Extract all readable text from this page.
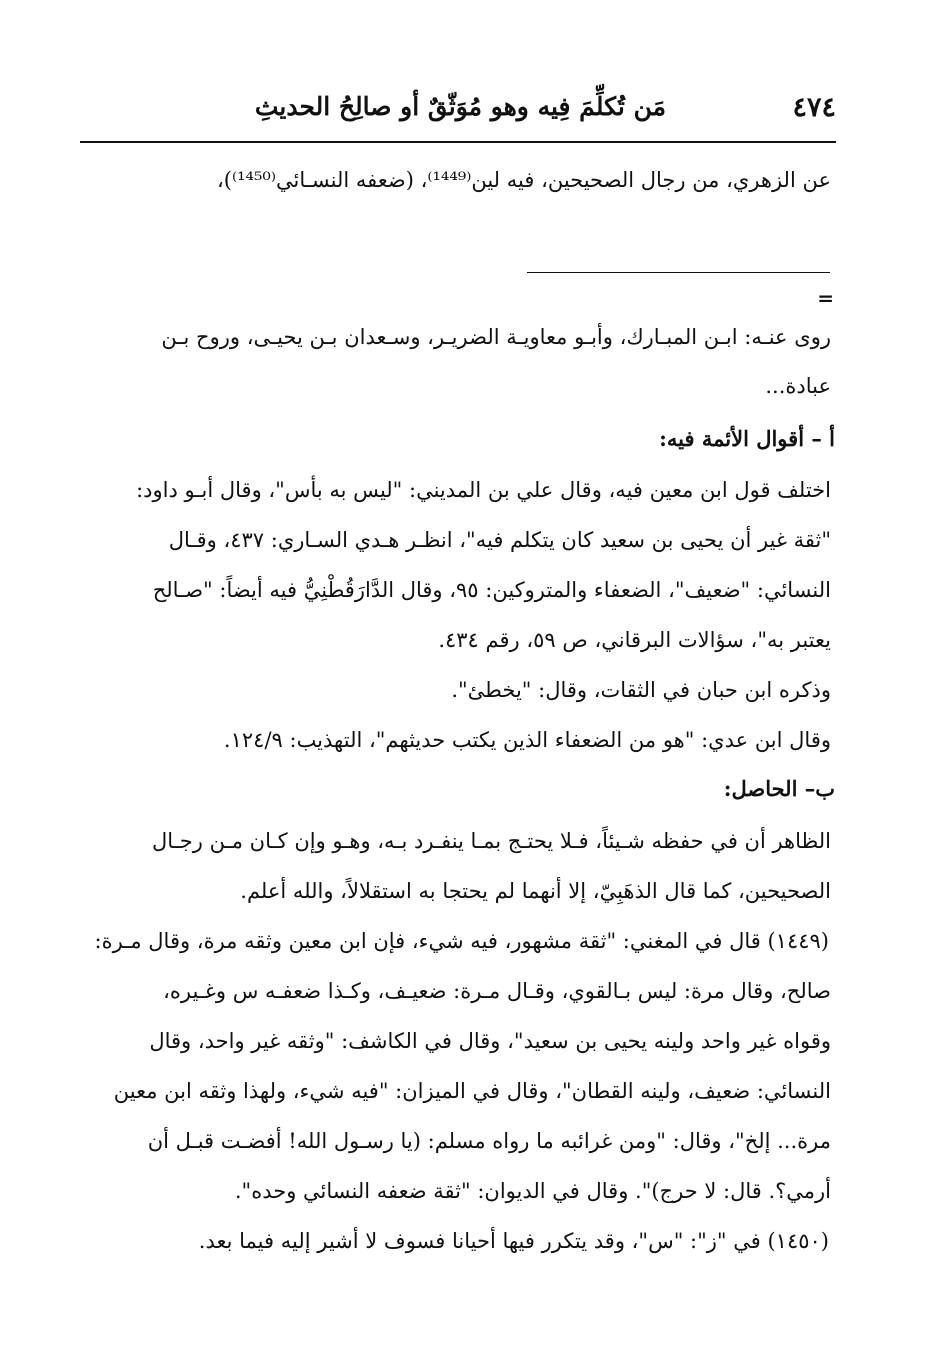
٤٧٤
مَن تُكلِّمَ فِيه وهو مُوَثّقٌ أو صالِحُ الحديثِ
عن الزهري، من رجال الصحيحين، فيه لين⁽¹⁴⁴⁹⁾، (ضعفه النسـائي⁽¹⁴⁵⁰⁾)،
=
روى عنـه: ابـن المبـارك، وأبـو معاويـة الضريـر، وسـعدان بـن يحيـى، وروح بـن
عبادة...
أ – أقوال الأئمة فيه:
اختلف قول ابن معين فيه، وقال علي بن المديني: "ليس به بأس"، وقال أبـو داود:
"ثقة غير أن يحيى بن سعيد كان يتكلم فيه"، انظـر هـدي السـاري: ٤٣٧، وقـال
النسائي: "ضعيف"، الضعفاء والمتروكين: ٩٥، وقال الدَّارَقُطْنِيُّ فيه أيضاً: "صـالح
يعتبر به"، سؤالات البرقاني، ص ٥٩، رقم ٤٣٤.
وذكره ابن حبان في الثقات، وقال: "يخطئ".
وقال ابن عدي: "هو من الضعفاء الذين يكتب حديثهم"، التهذيب: ١٢٤/٩.
ب– الحاصل:
الظاهر أن في حفظه شـيئاً، فـلا يحتـج بمـا ينفـرد بـه، وهـو وإن كـان مـن رجـال
الصحيحين، كما قال الذهَبِيّ، إلا أنهما لم يحتجا به استقلالاً، والله أعلم.
(١٤٤٩) قال في المغني: "ثقة مشهور، فيه شيء، فإن ابن معين وثقه مرة، وقال مـرة:
صالح، وقال مرة: ليس بـالقوي، وقـال مـرة: ضعيـف، وكـذا ضعفـه س وغـيره،
وقواه غير واحد ولينه يحيى بن سعيد"، وقال في الكاشف: "وثقه غير واحد، وقال
النسائي: ضعيف، ولينه القطان"، وقال في الميزان: "فيه شيء، ولهذا وثقه ابن معين
مرة... إلخ"، وقال: "ومن غرائبه ما رواه مسلم: (يا رسـول الله! أفضـت قبـل أن
أرمي؟. قال: لا حرج)". وقال في الديوان: "ثقة ضعفه النسائي وحده".
(١٤٥٠) في "ز": "س"، وقد يتكرر فيها أحيانا فسوف لا أشير إليه فيما بعد.
